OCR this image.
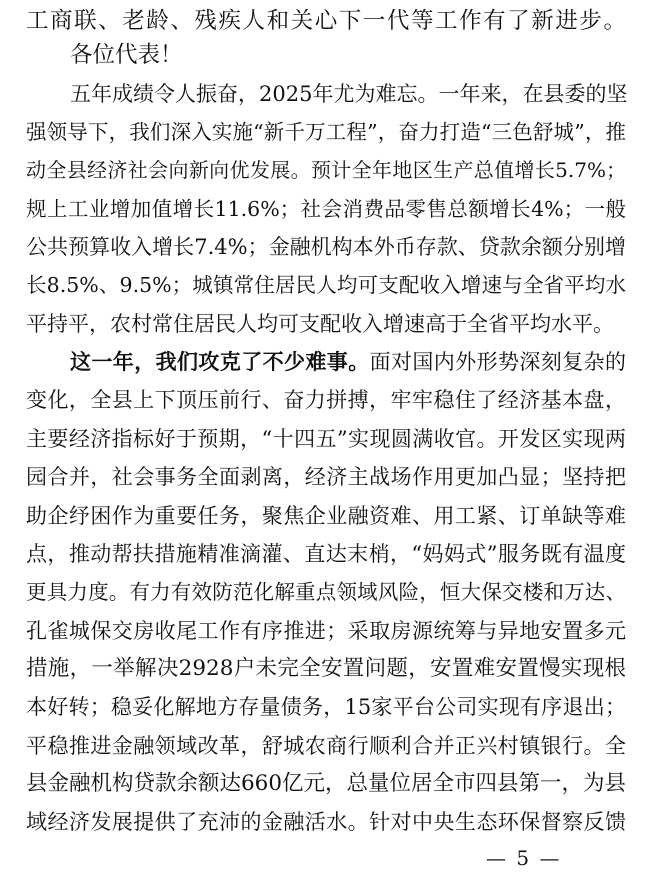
工商联、老龄、残疾人和关心下一代等工作有了新进步。
各位代表！
五年成绩令人振奋，2025年尤为难忘。一年来，在县委的坚
强领导下，我们深入实施“新千万工程”，奋力打造“三色舒城”，推
动全县经济社会向新向优发展。预计全年地区生产总值增长5.7%；
规上工业增加值增长11.6%；社会消费品零售总额增长4%；一般
公共预算收入增长7.4%；金融机构本外币存款、贷款余额分别增
长8.5%、9.5%；城镇常住居民人均可支配收入增速与全省平均水
平持平，农村常住居民人均可支配收入增速高于全省平均水平。
这一年，我们攻克了不少难事。面对国内外形势深刻复杂的
变化，全县上下顶压前行、奋力拼搏，牢牢稳住了经济基本盘，
主要经济指标好于预期，“十四五”实现圆满收官。开发区实现两
园合并，社会事务全面剥离，经济主战场作用更加凸显；坚持把
助企纾困作为重要任务，聚焦企业融资难、用工紧、订单缺等难
点，推动帮扶措施精准滴灌、直达末梢，“妈妈式”服务既有温度
更具力度。有力有效防范化解重点领域风险，恒大保交楼和万达、
孔雀城保交房收尾工作有序推进；采取房源统筹与异地安置多元
措施，一举解决2928户未完全安置问题，安置难安置慢实现根
本好转；稳妥化解地方存量债务，15家平台公司实现有序退出；
平稳推进金融领域改革，舒城农商行顺利合并正兴村镇银行。全
县金融机构贷款余额达660亿元，总量位居全市四县第一，为县
域经济发展提供了充沛的金融活水。针对中央生态环保督察反馈
— 5 —
